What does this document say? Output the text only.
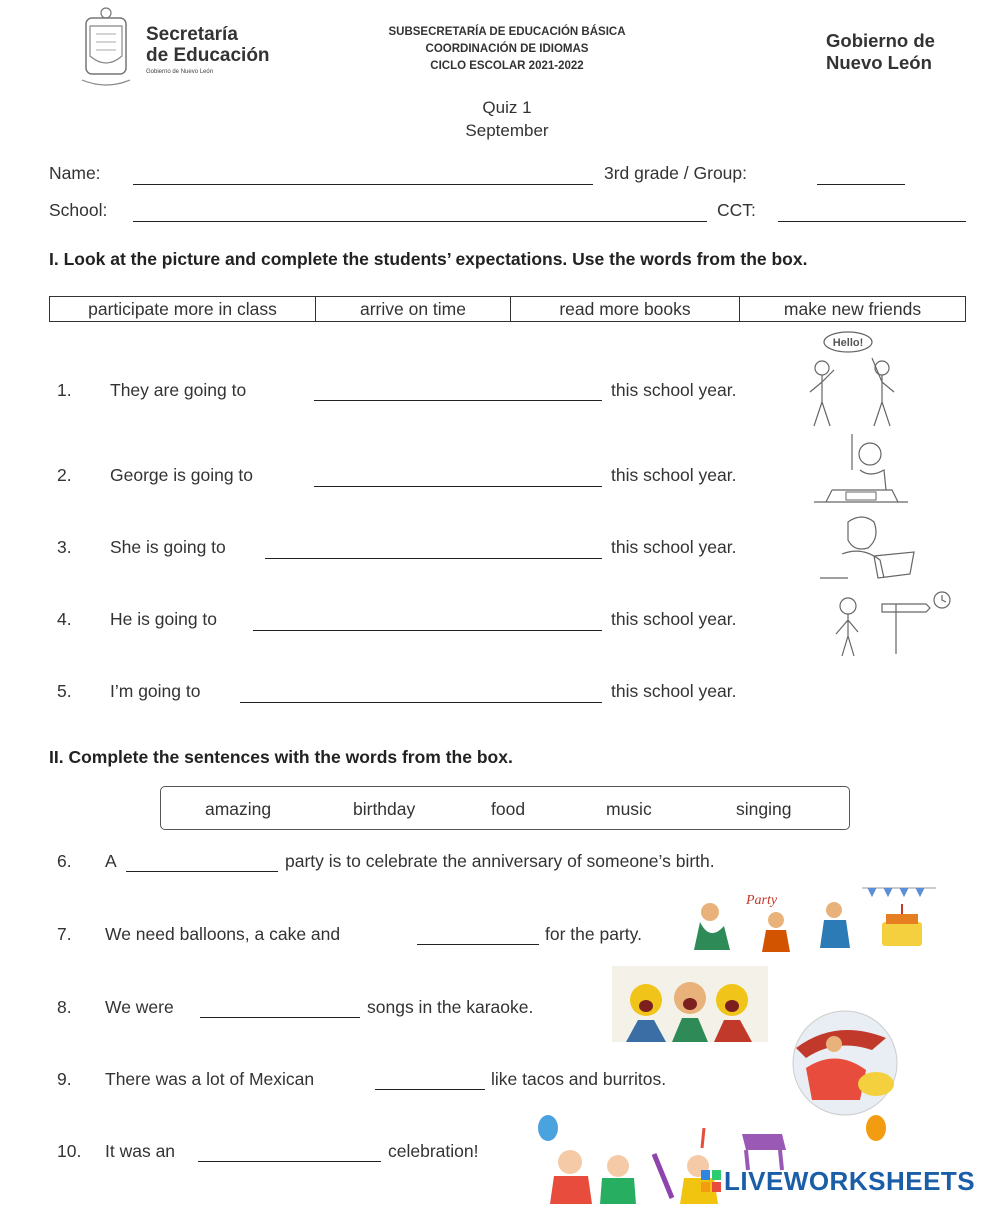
Secretaría
de Educación
Gobierno de Nuevo León
SUBSECRETARÍA DE EDUCACIÓN BÁSICA
COORDINACIÓN DE IDIOMAS
CICLO ESCOLAR 2021-2022
Gobierno de
Nuevo León
Quiz 1
September
Name:	3rd grade / Group:
School:	CCT:
I. Look at the picture and complete the students’ expectations. Use the words from the box.
participate more in class	arrive on time	read more books	make new friends
1. They are going to	this school year.
2. George is going to	this school year.
3. She is going to	this school year.
4. He is going to	this school year.
5. I’m going to	this school year.
Hello!
II. Complete the sentences with the words from the box.
amazing	birthday	food	music	singing
6. A	party is to celebrate the anniversary of someone’s birth.
7. We need balloons, a cake and	for the party.
8. We were	songs in the karaoke.
9. There was a lot of Mexican	like tacos and burritos.
10. It was an	celebration!
Party
LIVEWORKSHEETS
